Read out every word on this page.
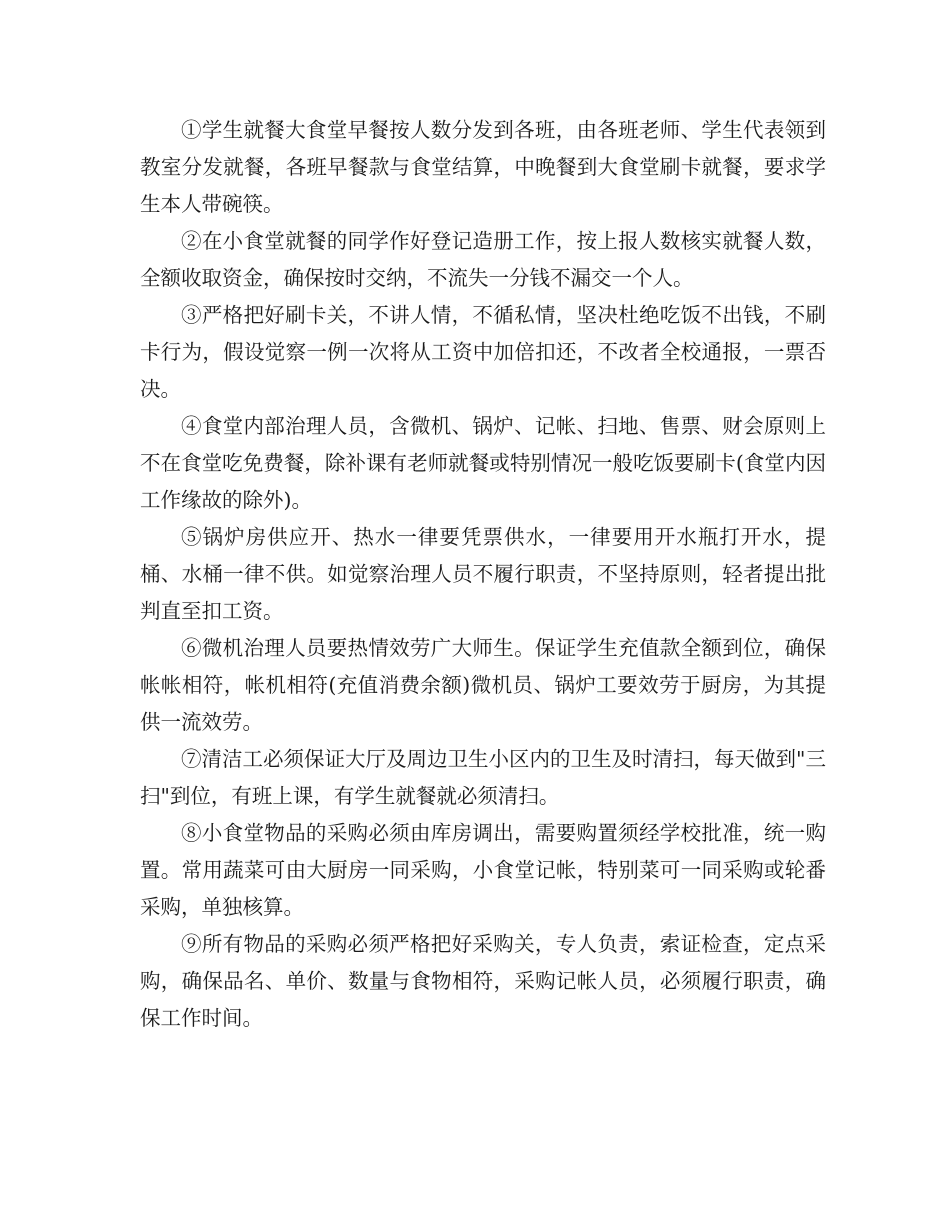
①学生就餐大食堂早餐按人数分发到各班，由各班老师、学生代表领到教室分发就餐，各班早餐款与食堂结算，中晚餐到大食堂刷卡就餐，要求学生本人带碗筷。

②在小食堂就餐的同学作好登记造册工作，按上报人数核实就餐人数，全额收取资金，确保按时交纳，不流失一分钱不漏交一个人。

③严格把好刷卡关，不讲人情，不循私情，坚决杜绝吃饭不出钱，不刷卡行为，假设觉察一例一次将从工资中加倍扣还，不改者全校通报，一票否决。

④食堂内部治理人员，含微机、锅炉、记帐、扫地、售票、财会原则上不在食堂吃免费餐，除补课有老师就餐或特别情况一般吃饭要刷卡(食堂内因工作缘故的除外)。

⑤锅炉房供应开、热水一律要凭票供水，一律要用开水瓶打开水，提桶、水桶一律不供。如觉察治理人员不履行职责，不坚持原则，轻者提出批判直至扣工资。

⑥微机治理人员要热情效劳广大师生。保证学生充值款全额到位，确保帐帐相符，帐机相符(充值消费余额)微机员、锅炉工要效劳于厨房，为其提供一流效劳。

⑦清洁工必须保证大厅及周边卫生小区内的卫生及时清扫，每天做到"三扫"到位，有班上课，有学生就餐就必须清扫。

⑧小食堂物品的采购必须由库房调出，需要购置须经学校批准，统一购置。常用蔬菜可由大厨房一同采购，小食堂记帐，特别菜可一同采购或轮番采购，单独核算。

⑨所有物品的采购必须严格把好采购关，专人负责，索证检查，定点采购，确保品名、单价、数量与食物相符，采购记帐人员，必须履行职责，确保工作时间。
